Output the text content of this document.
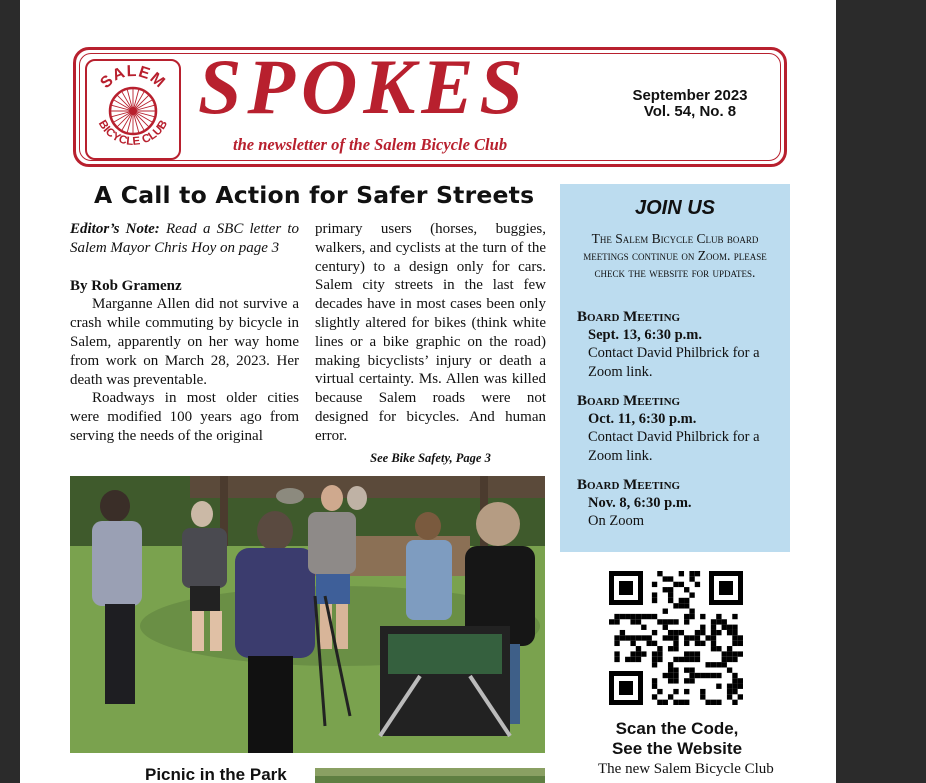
SALEM
BICYCLE CLUB SPOKES
the newsletter of the Salem Bicycle Club
September 2023
Vol. 54, No. 8
A Call to Action for Safer Streets

Editor’s Note: Read a SBC letter to Salem Mayor Chris Hoy on page 3

By Rob Gramenz

Marganne Allen did not survive a crash while commuting by bicycle in Salem, apparently on her way home from work on March 28, 2023. Her death was preventable.

Roadways in most older cities were modified 100 years ago from serving the needs of the original

primary users (horses, buggies, walkers, and cyclists at the turn of the century) to a design only for cars. Salem city streets in the last few decades have in most cases been only slightly altered for bikes (think white lines or a bike graphic on the road) making bicyclists’ injury or death a virtual certainty. Ms. Allen was killed because Salem roads were not designed for bicycles. And human error.

See Bike Safety, Page 3

JOIN US
The Salem Bicycle Club board meetings continue on Zoom. please check the website for updates.
Board Meeting
Sept. 13, 6:30 p.m.
Contact David Philbrick for a Zoom link.
Board Meeting
Oct. 11, 6:30 p.m.
Contact David Philbrick for a Zoom link.
Board Meeting
Nov. 8, 6:30 p.m.
On Zoom
Scan the Code,
See the Website
The new Salem Bicycle Club
Picnic in the Park
